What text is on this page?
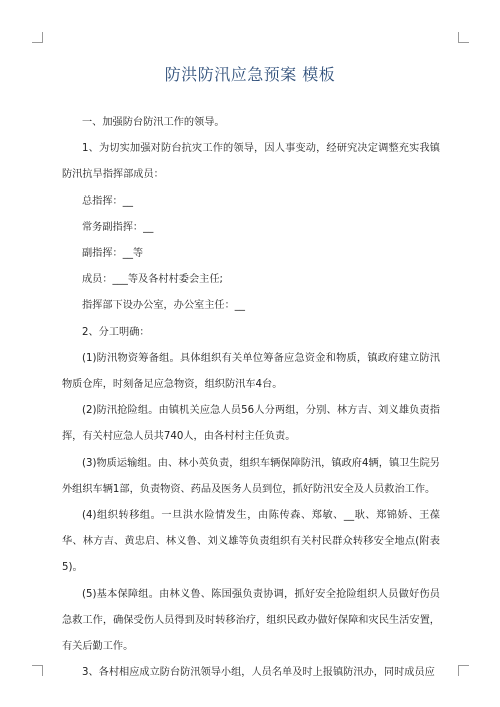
防洪防汛应急预案 模板

一、加强防台防汛工作的领导。

1、为切实加强对防台抗灾工作的领导，因人事变动，经研究决定调整充实我镇防汛抗旱指挥部成员：

总指挥：__

常务副指挥：__

副指挥：__等

成员：___等及各村村委会主任;

指挥部下设办公室，办公室主任：__

2、分工明确：

(1)防汛物资筹备组。具体组织有关单位筹备应急资金和物质，镇政府建立防汛物质仓库，时刻备足应急物资，组织防汛车4台。

(2)防汛抢险组。由镇机关应急人员56人分两组，分别、林方吉、刘义雄负责指挥，有关村应急人员共740人，由各村村主任负责。

(3)物质运输组。由、林小英负责，组织车辆保障防汛，镇政府4辆，镇卫生院另外组织车辆1部，负责物资、药品及医务人员到位，抓好防汛安全及人员救治工作。

(4)组织转移组。一旦洪水险情发生，由陈传森、郑敏、__耿、郑锦娇、王葆华、林方吉、黄忠启、林义鲁、刘义雄等负责组织有关村民群众转移安全地点(附表5)。

(5)基本保障组。由林义鲁、陈国强负责协调，抓好安全抢险组织人员做好伤员急救工作，确保受伤人员得到及时转移治疗，组织民政办做好保障和灾民生活安置，有关后勤工作。

3、各村相应成立防台防汛领导小组，人员名单及时上报镇防汛办，同时成员应
